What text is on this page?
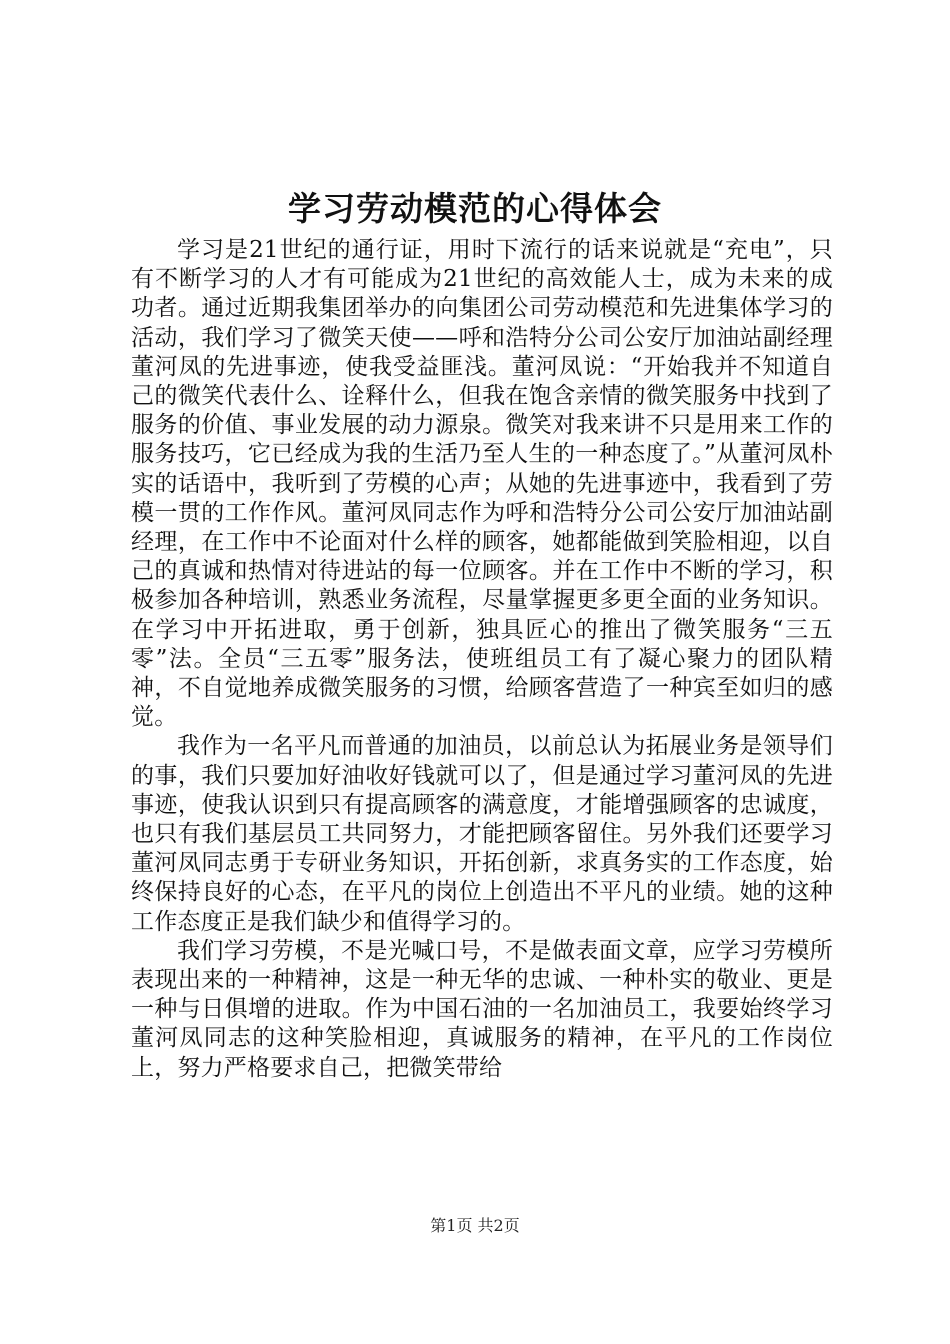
学习劳动模范的心得体会

学习是21世纪的通行证，用时下流行的话来说就是“充电”，只有不断学习的人才有可能成为21世纪的高效能人士，成为未来的成功者。通过近期我集团举办的向集团公司劳动模范和先进集体学习的活动，我们学习了微笑天使——呼和浩特分公司公安厅加油站副经理董河凤的先进事迹，使我受益匪浅。董河凤说：“开始我并不知道自己的微笑代表什么、诠释什么，但我在饱含亲情的微笑服务中找到了服务的价值、事业发展的动力源泉。微笑对我来讲不只是用来工作的服务技巧，它已经成为我的生活乃至人生的一种态度了。”从董河凤朴实的话语中，我听到了劳模的心声；从她的先进事迹中，我看到了劳模一贯的工作作风。董河凤同志作为呼和浩特分公司公安厅加油站副经理，在工作中不论面对什么样的顾客，她都能做到笑脸相迎，以自己的真诚和热情对待进站的每一位顾客。并在工作中不断的学习，积极参加各种培训，熟悉业务流程，尽量掌握更多更全面的业务知识。在学习中开拓进取，勇于创新，独具匠心的推出了微笑服务“三五零”法。全员“三五零”服务法，使班组员工有了凝心聚力的团队精神，不自觉地养成微笑服务的习惯，给顾客营造了一种宾至如归的感觉。

我作为一名平凡而普通的加油员，以前总认为拓展业务是领导们的事，我们只要加好油收好钱就可以了，但是通过学习董河凤的先进事迹，使我认识到只有提高顾客的满意度，才能增强顾客的忠诚度，也只有我们基层员工共同努力，才能把顾客留住。另外我们还要学习董河凤同志勇于专研业务知识，开拓创新，求真务实的工作态度，始终保持良好的心态，在平凡的岗位上创造出不平凡的业绩。她的这种工作态度正是我们缺少和值得学习的。

我们学习劳模，不是光喊口号，不是做表面文章，应学习劳模所表现出来的一种精神，这是一种无华的忠诚、一种朴实的敬业、更是一种与日俱增的进取。作为中国石油的一名加油员工，我要始终学习董河凤同志的这种笑脸相迎，真诚服务的精神，在平凡的工作岗位上，努力严格要求自己，把微笑带给

第1页 共2页
